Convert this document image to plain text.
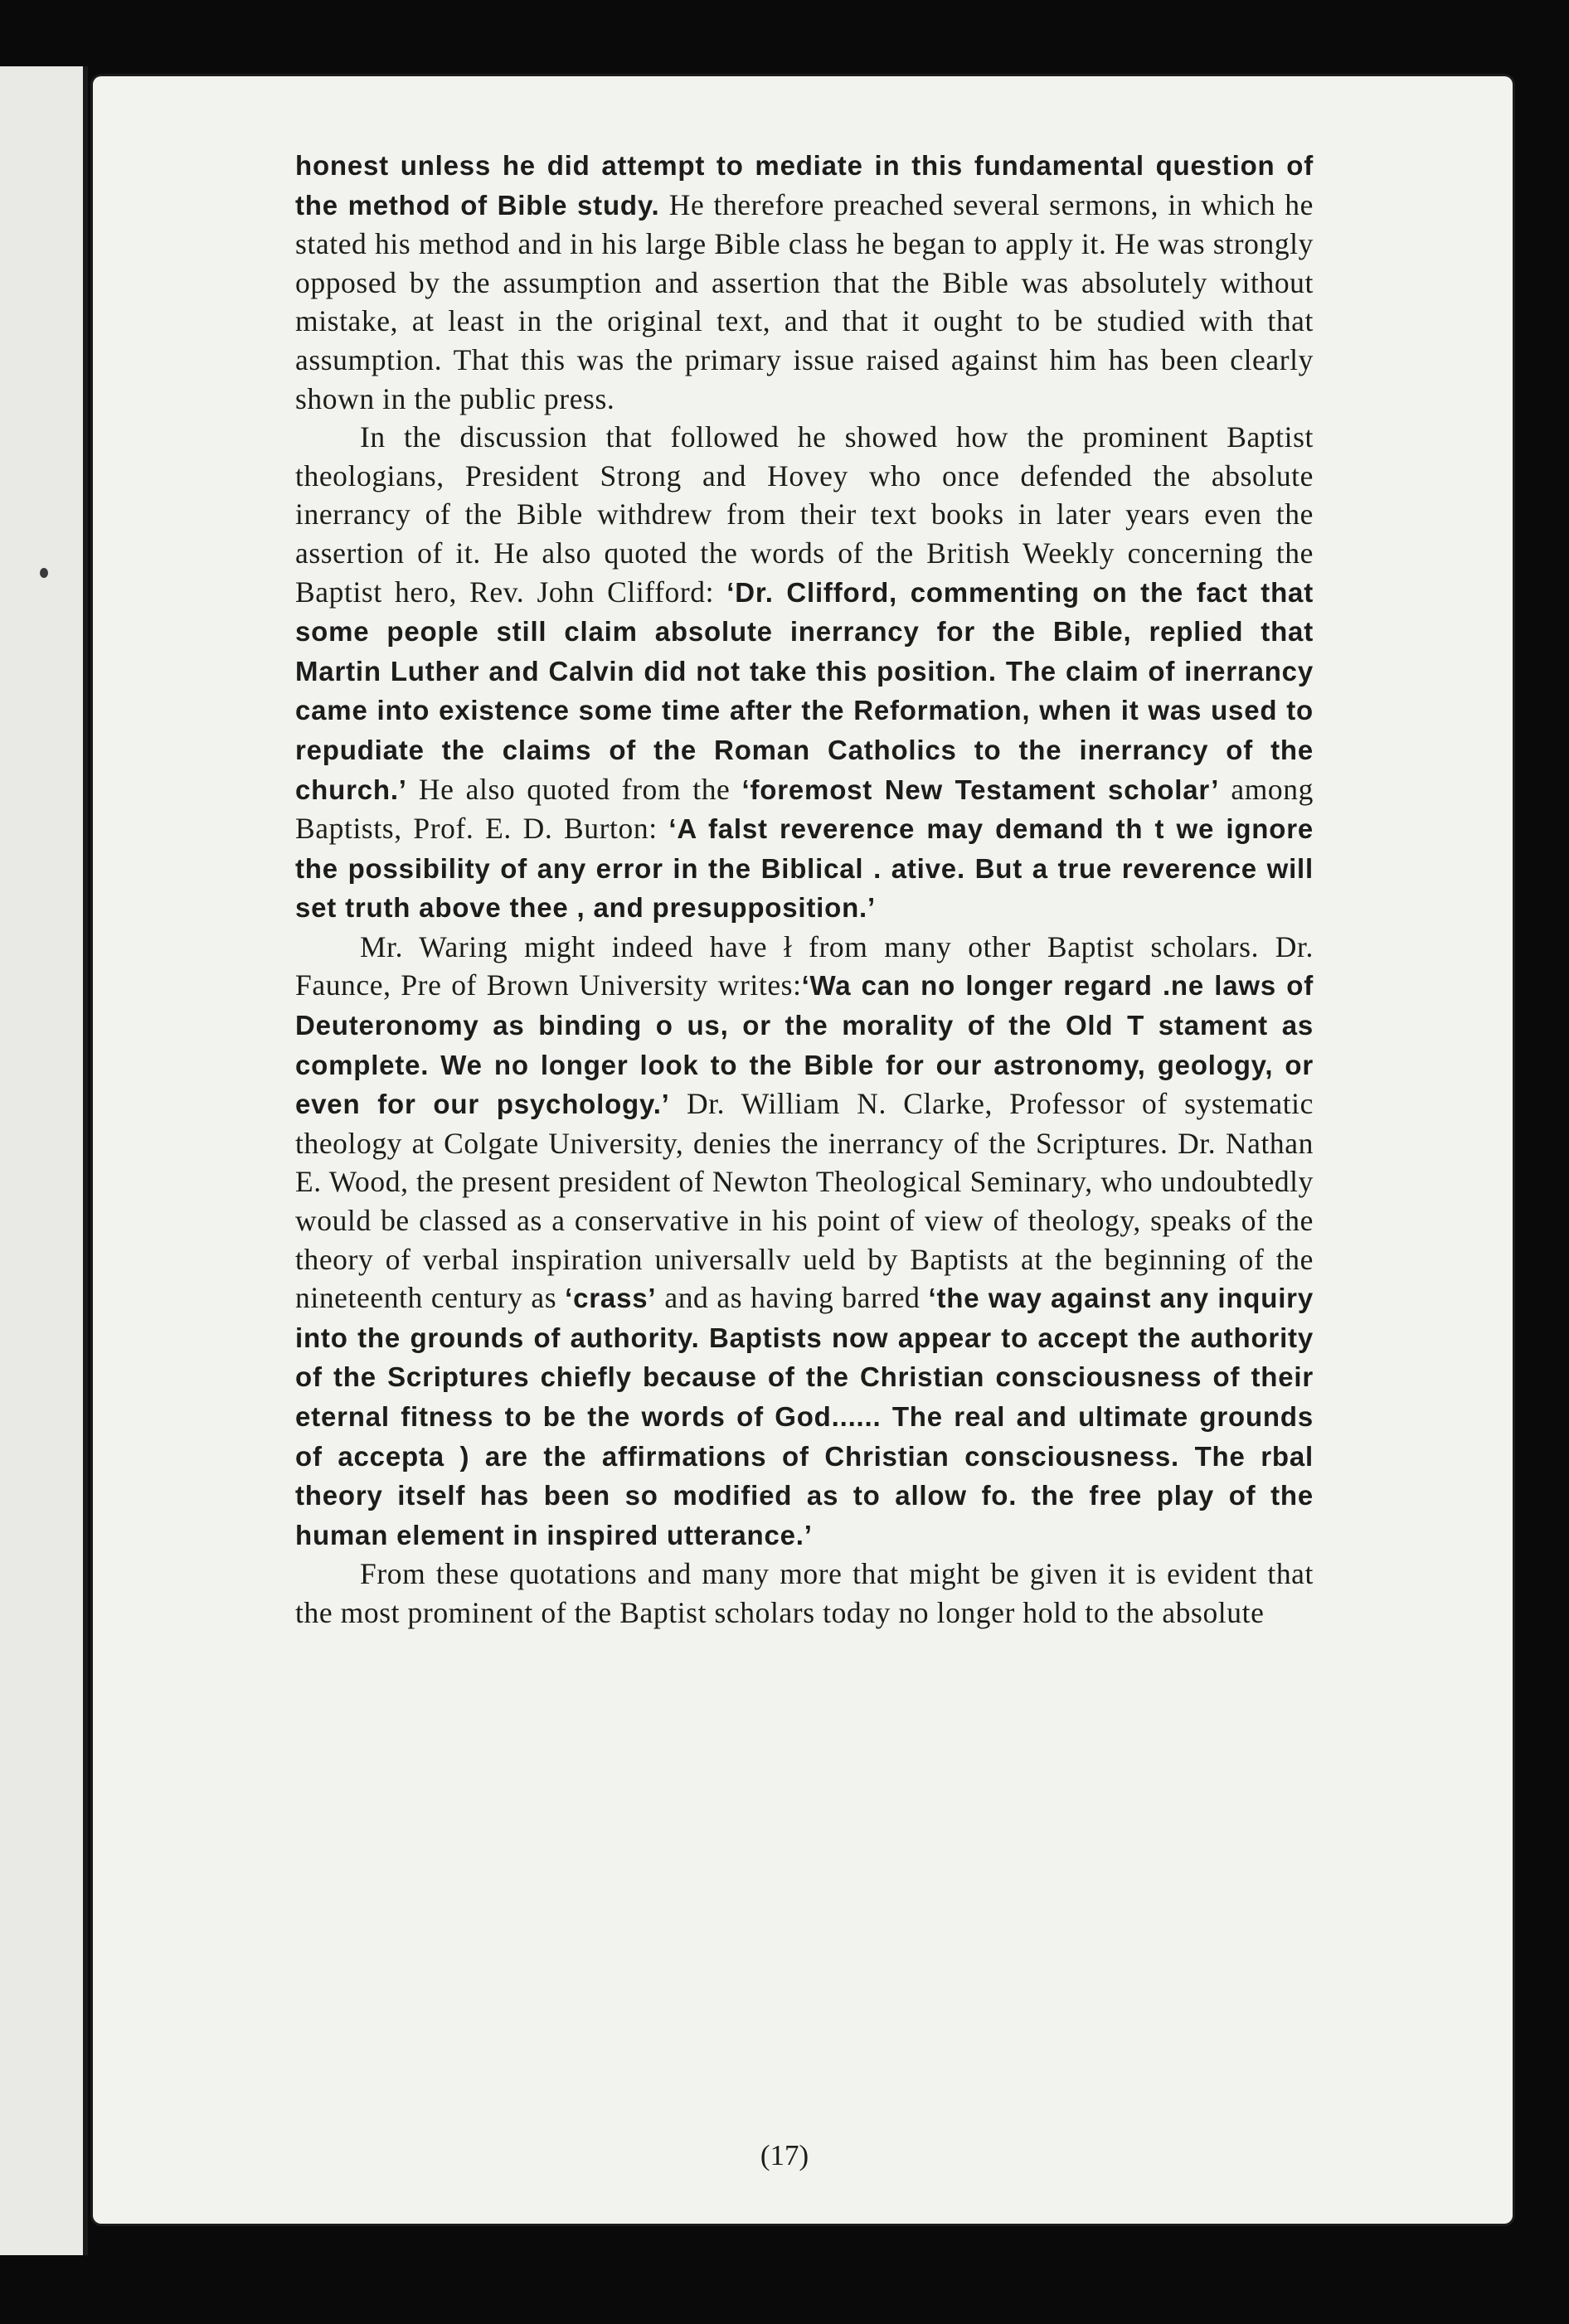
honest unless he did attempt to mediate in this fundamental question of the method of Bible study. He therefore preached several sermons, in which he stated his method and in his large Bible class he began to apply it. He was strongly opposed by the assumption and assertion that the Bible was absolutely without mistake, at least in the original text, and that it ought to be studied with that assumption. That this was the primary issue raised against him has been clearly shown in the public press.

In the discussion that followed he showed how the prominent Baptist theologians, President Strong and Hovey who once defended the absolute inerrancy of the Bible withdrew from their text books in later years even the assertion of it. He also quoted the words of the British Weekly concerning the Baptist hero, Rev. John Clifford: ‘Dr. Clifford, commenting on the fact that some people still claim absolute inerrancy for the Bible, replied that Martin Luther and Calvin did not take this position. The claim of inerrancy came into existence some time after the Reformation, when it was used to repudiate the claims of the Roman Catholics to the inerrancy of the church.’ He also quoted from the ‘foremost New Testament scholar’ among Baptists, Prof. E. D. Burton: ‘A falst reverence may demand th t we ignore the possibility of any error in the Biblical . ative. But a true reverence will set truth above thee , and presupposition.’

Mr. Waring might indeed have ł from many other Baptist scholars. Dr. Faunce, Pre of Brown University writes:‘Wa can no longer regard .ne laws of Deuteronomy as binding o us, or the morality of the Old T stament as complete. We no longer look to the Bible for our astronomy, geology, or even for our psychology.’ Dr. William N. Clarke, Professor of systematic theology at Colgate University, denies the inerrancy of the Scriptures. Dr. Nathan E. Wood, the present president of Newton Theological Seminary, who undoubtedly would be classed as a conservative in his point of view of theology, speaks of the theory of verbal inspiration universallv ueld by Baptists at the beginning of the nineteenth century as ‘crass’ and as having barred ‘the way against any inquiry into the grounds of authority. Baptists now appear to accept the authority of the Scriptures chiefly because of the Christian consciousness of their eternal fitness to be the words of God...... The real and ultimate grounds of accepta ) are the affirmations of Christian consciousness. The rbal theory itself has been so modified as to allow fo. the free play of the human element in inspired utterance.’

From these quotations and many more that might be given it is evident that the most prominent of the Baptist scholars today no longer hold to the absolute

(17)
